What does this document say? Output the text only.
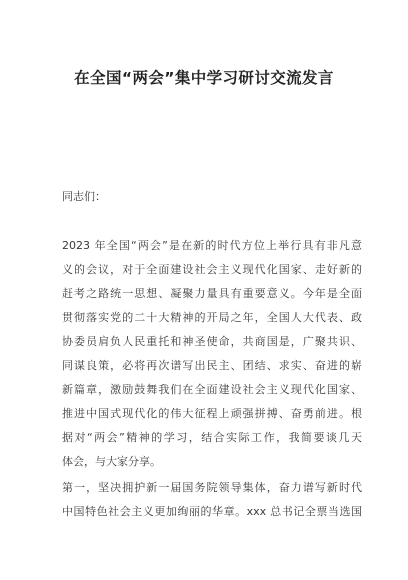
在全国“两会”集中学习研讨交流发言
同志们：
2023 年全国“两会”是在新的时代方位上举行具有非凡意
义的会议，对于全面建设社会主义现代化国家、走好新的
赶考之路统一思想、凝聚力量具有重要意义。今年是全面
贯彻落实党的二十大精神的开局之年，全国人大代表、政
协委员肩负人民重托和神圣使命，共商国是，广聚共识、
同谋良策，必将再次谱写出民主、团结、求实、奋进的崭
新篇章，激励鼓舞我们在全面建设社会主义现代化国家、
推进中国式现代化的伟大征程上顽强拼搏、奋勇前进。根
据对“两会”精神的学习，结合实际工作，我简要谈几天
体会，与大家分享。
第一，坚决拥护新一届国务院领导集体，奋力谱写新时代
中国特色社会主义更加绚丽的华章。xxx 总书记全票当选国
